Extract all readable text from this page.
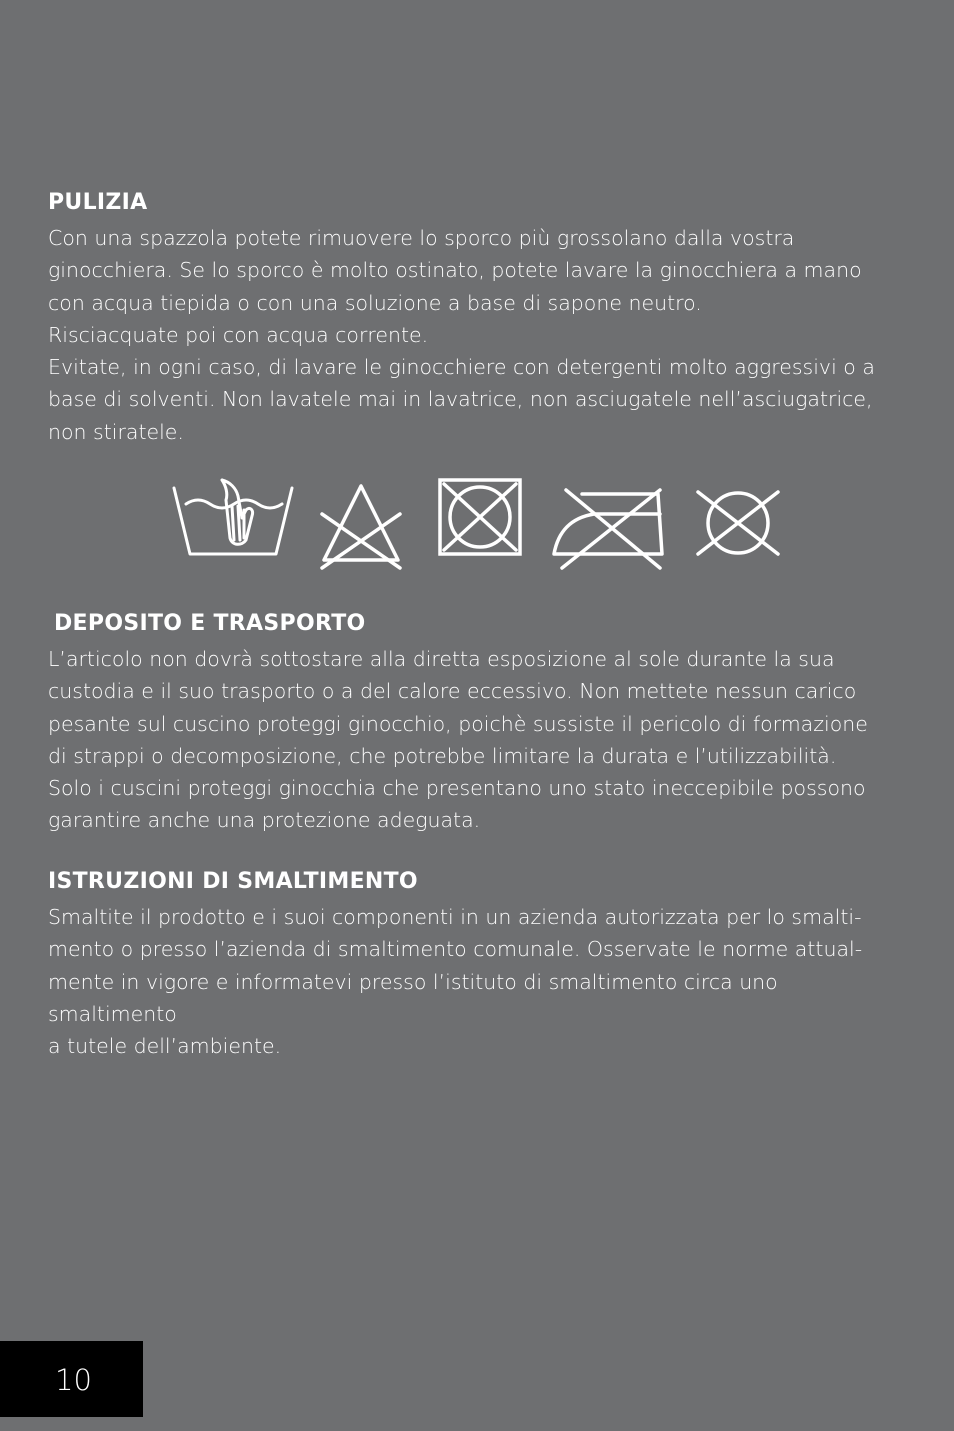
PULIZIA

Con una spazzola potete rimuovere lo sporco più grossolano dalla vostra

ginocchiera. Se lo sporco è molto ostinato, potete lavare la ginocchiera a mano

con acqua tiepida o con una soluzione a base di sapone neutro.

Risciacquate poi con acqua corrente.

Evitate, in ogni caso, di lavare le ginocchiere con detergenti molto aggressivi o a

base di solventi. Non lavatele mai in lavatrice, non asciugatele nell’asciugatrice,

non stiratele.

DEPOSITO E TRASPORTO

L’articolo non dovrà sottostare alla diretta esposizione al sole durante la sua

custodia e il suo trasporto o a del calore eccessivo. Non mettete nessun carico

pesante sul cuscino proteggi ginocchio, poichè sussiste il pericolo di formazione

di strappi o decomposizione, che potrebbe limitare la durata e l’utilizzabilità.

Solo i cuscini proteggi ginocchia che presentano uno stato ineccepibile possono

garantire anche una protezione adeguata.

ISTRUZIONI DI SMALTIMENTO

Smaltite il prodotto e i suoi componenti in un azienda autorizzata per lo smalti-

mento o presso l’azienda di smaltimento comunale. Osservate le norme attual-

mente in vigore e informatevi presso l’istituto di smaltimento circa uno smaltimento

a tutele dell’ambiente.

10
